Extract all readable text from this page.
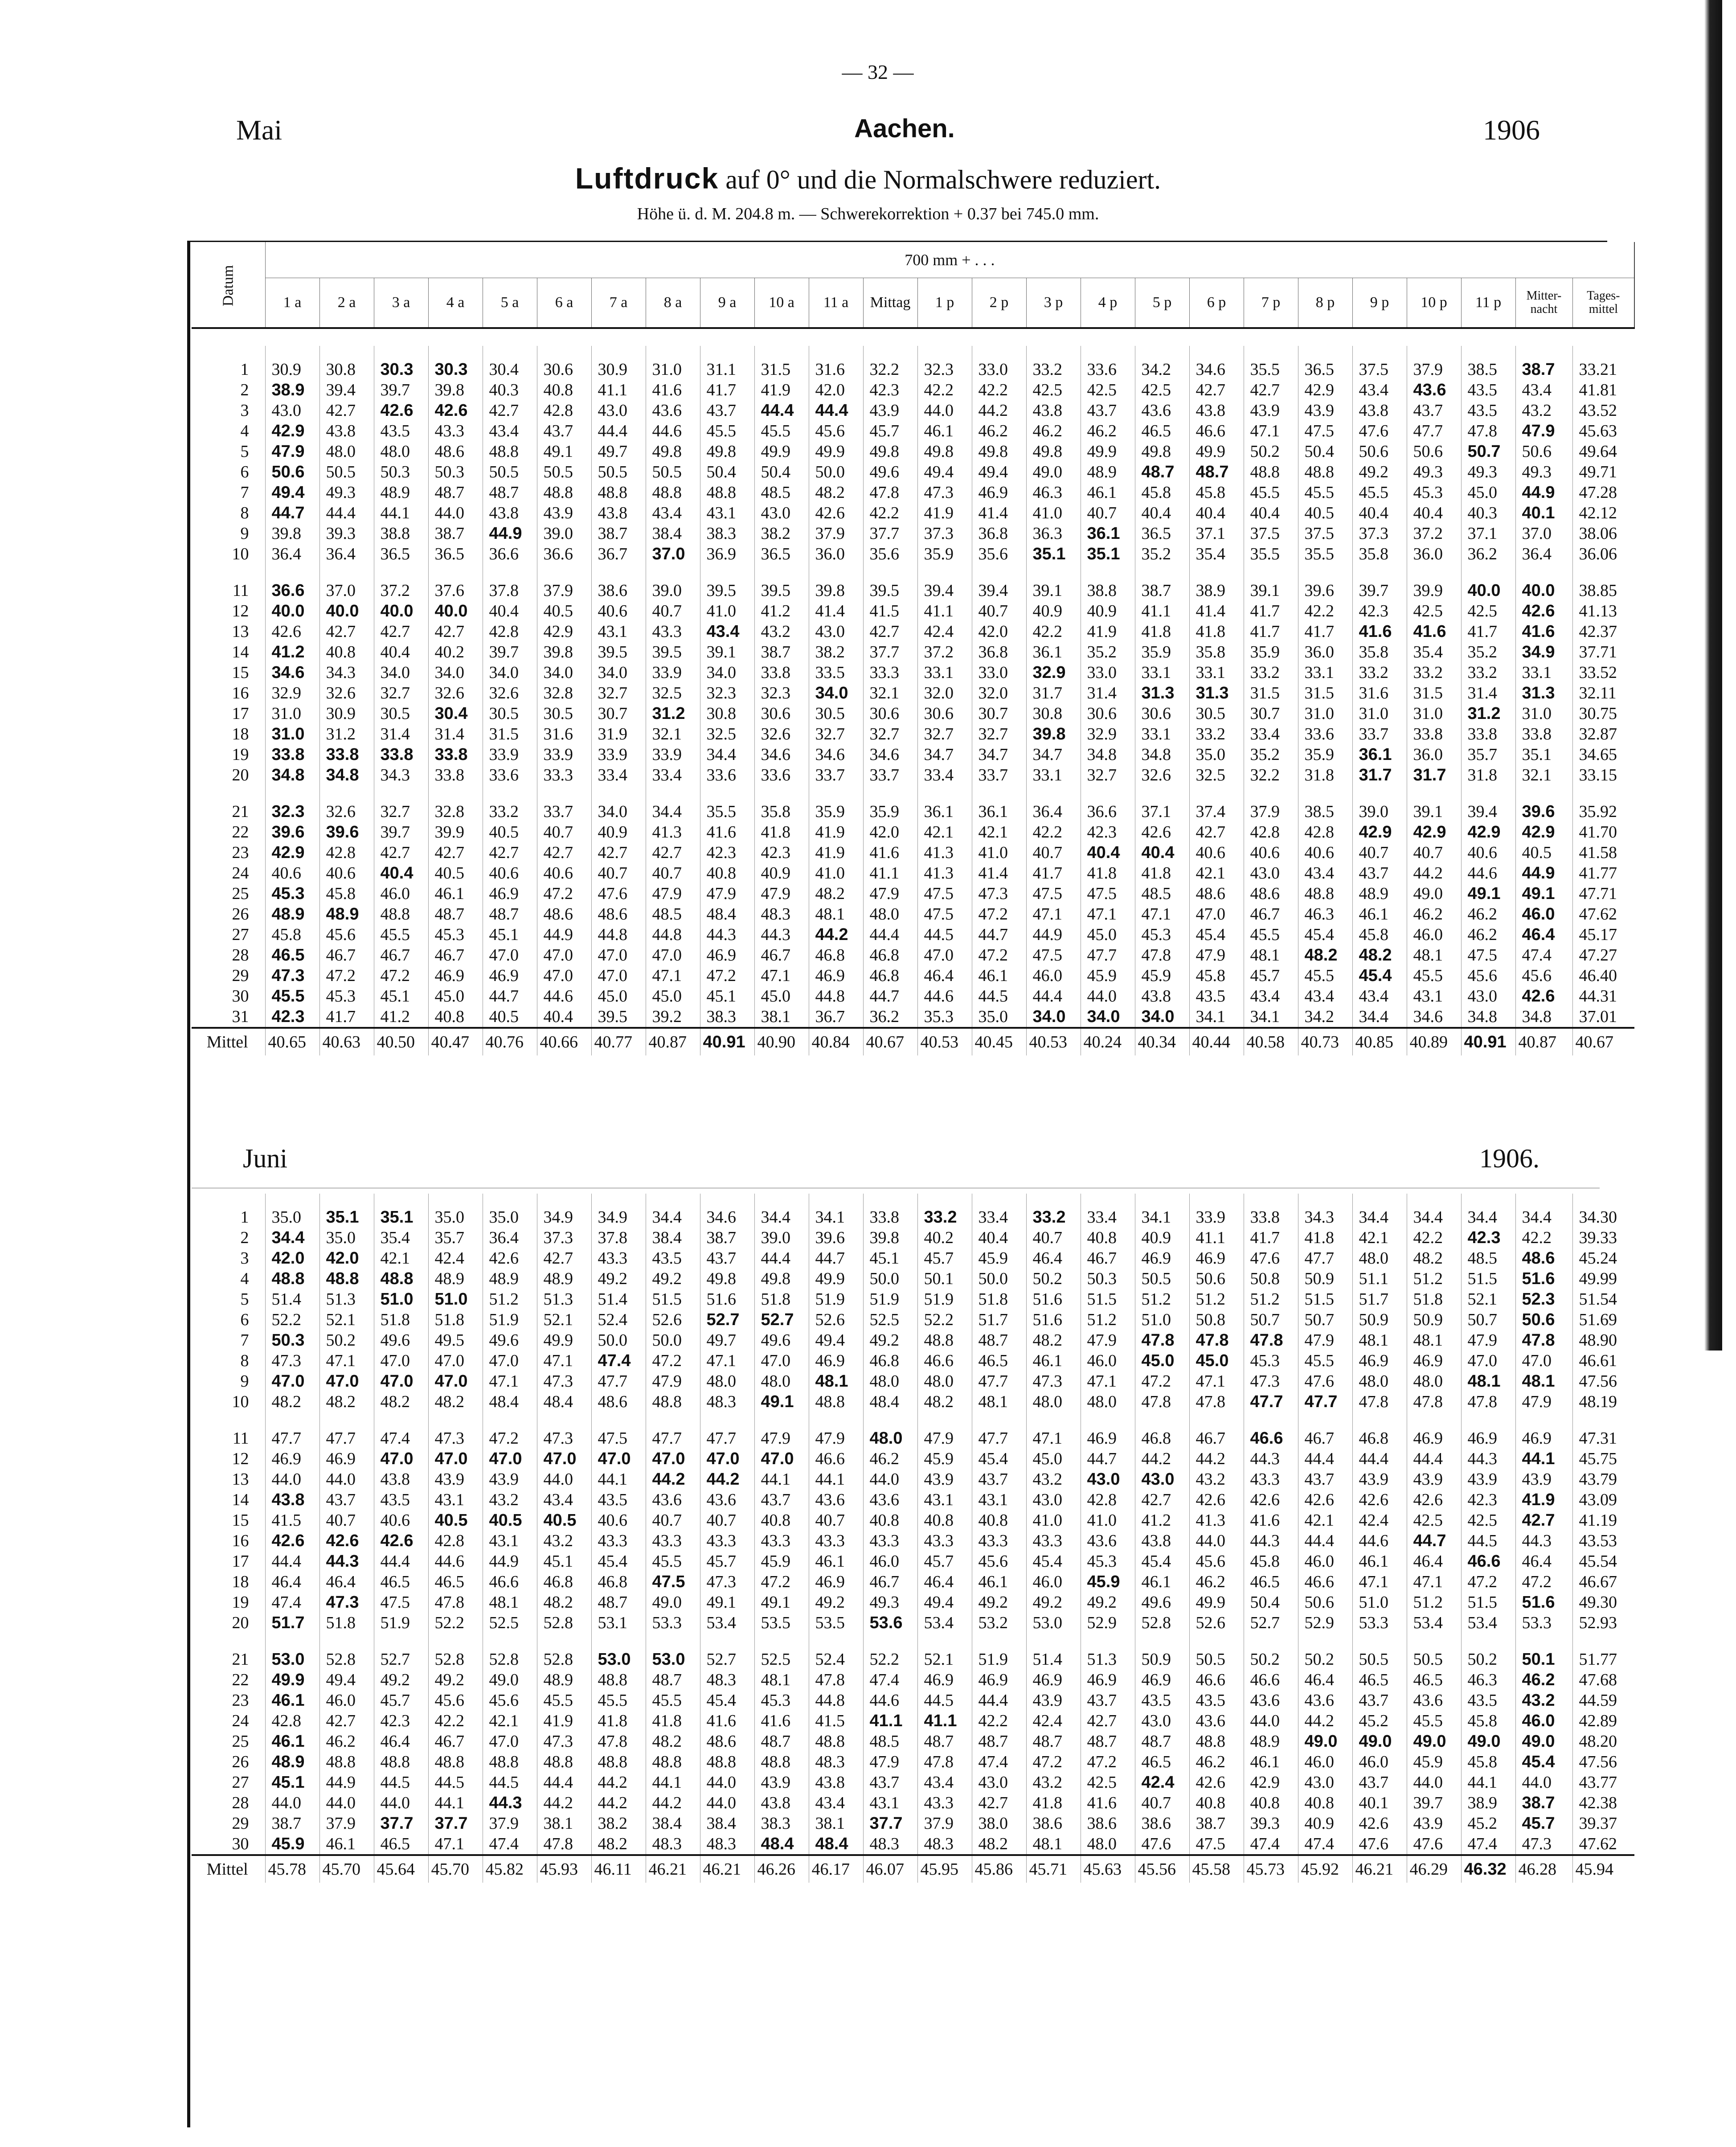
— 32 —
Mai	Aachen.	1906
Luftdruck auf 0° und die Normalschwere reduziert.
Höhe ü. d. M. 204.8 m. — Schwerekorrektion + 0.37 bei 745.0 mm.
Datum	700 mm + . . .																								
	1 a	2 a	3 a	4 a	5 a	6 a	7 a	8 a	9 a	10 a	11 a	Mittag	1 p	2 p	3 p	4 p	5 p	6 p	7 p	8 p	9 p	10 p	11 p	Mitter-nacht	Tages-mittel
1	30.9	30.8	30.3	30.3	30.4	30.6	30.9	31.0	31.1	31.5	31.6	32.2	32.3	33.0	33.2	33.6	34.2	34.6	35.5	36.5	37.5	37.9	38.5	38.7	33.21
2	38.9	39.4	39.7	39.8	40.3	40.8	41.1	41.6	41.7	41.9	42.0	42.3	42.2	42.2	42.5	42.5	42.5	42.7	42.7	42.9	43.4	43.6	43.5	43.4	41.81
3	43.0	42.7	42.6	42.6	42.7	42.8	43.0	43.6	43.7	44.4	44.4	43.9	44.0	44.2	43.8	43.7	43.6	43.8	43.9	43.9	43.8	43.7	43.5	43.2	43.52
4	42.9	43.8	43.5	43.3	43.4	43.7	44.4	44.6	45.5	45.5	45.6	45.7	46.1	46.2	46.2	46.2	46.5	46.6	47.1	47.5	47.6	47.7	47.8	47.9	45.63
5	47.9	48.0	48.0	48.6	48.8	49.1	49.7	49.8	49.8	49.9	49.9	49.8	49.8	49.8	49.8	49.9	49.8	49.9	50.2	50.4	50.6	50.6	50.7	50.6	49.64
6	50.6	50.5	50.3	50.3	50.5	50.5	50.5	50.5	50.4	50.4	50.0	49.6	49.4	49.4	49.0	48.9	48.7	48.7	48.8	48.8	49.2	49.3	49.3	49.3	49.71
7	49.4	49.3	48.9	48.7	48.7	48.8	48.8	48.8	48.8	48.5	48.2	47.8	47.3	46.9	46.3	46.1	45.8	45.8	45.5	45.5	45.5	45.3	45.0	44.9	47.28
8	44.7	44.4	44.1	44.0	43.8	43.9	43.8	43.4	43.1	43.0	42.6	42.2	41.9	41.4	41.0	40.7	40.4	40.4	40.4	40.5	40.4	40.4	40.3	40.1	42.12
9	39.8	39.3	38.8	38.7	44.9	39.0	38.7	38.4	38.3	38.2	37.9	37.7	37.3	36.8	36.3	36.1	36.5	37.1	37.5	37.5	37.3	37.2	37.1	37.0	38.06
10	36.4	36.4	36.5	36.5	36.6	36.6	36.7	37.0	36.9	36.5	36.0	35.6	35.9	35.6	35.1	35.1	35.2	35.4	35.5	35.5	35.8	36.0	36.2	36.4	36.06

11	36.6	37.0	37.2	37.6	37.8	37.9	38.6	39.0	39.5	39.5	39.8	39.5	39.4	39.4	39.1	38.8	38.7	38.9	39.1	39.6	39.7	39.9	40.0	40.0	38.85
12	40.0	40.0	40.0	40.0	40.4	40.5	40.6	40.7	41.0	41.2	41.4	41.5	41.1	40.7	40.9	40.9	41.1	41.4	41.7	42.2	42.3	42.5	42.5	42.6	41.13
13	42.6	42.7	42.7	42.7	42.8	42.9	43.1	43.3	43.4	43.2	43.0	42.7	42.4	42.0	42.2	41.9	41.8	41.8	41.7	41.7	41.6	41.6	41.7	41.6	42.37
14	41.2	40.8	40.4	40.2	39.7	39.8	39.5	39.5	39.1	38.7	38.2	37.7	37.2	36.8	36.1	35.2	35.9	35.8	35.9	36.0	35.8	35.4	35.2	34.9	37.71
15	34.6	34.3	34.0	34.0	34.0	34.0	34.0	33.9	34.0	33.8	33.5	33.3	33.1	33.0	32.9	33.0	33.1	33.1	33.2	33.1	33.2	33.2	33.2	33.1	33.52
16	32.9	32.6	32.7	32.6	32.6	32.8	32.7	32.5	32.3	32.3	34.0	32.1	32.0	32.0	31.7	31.4	31.3	31.3	31.5	31.5	31.6	31.5	31.4	31.3	32.11
17	31.0	30.9	30.5	30.4	30.5	30.5	30.7	31.2	30.8	30.6	30.5	30.6	30.6	30.7	30.8	30.6	30.6	30.5	30.7	31.0	31.0	31.0	31.2	31.0	30.75
18	31.0	31.2	31.4	31.4	31.5	31.6	31.9	32.1	32.5	32.6	32.7	32.7	32.7	32.7	39.8	32.9	33.1	33.2	33.4	33.6	33.7	33.8	33.8	33.8	32.87
19	33.8	33.8	33.8	33.8	33.9	33.9	33.9	33.9	34.4	34.6	34.6	34.6	34.7	34.7	34.7	34.8	34.8	35.0	35.2	35.9	36.1	36.0	35.7	35.1	34.65
20	34.8	34.8	34.3	33.8	33.6	33.3	33.4	33.4	33.6	33.6	33.7	33.7	33.4	33.7	33.1	32.7	32.6	32.5	32.2	31.8	31.7	31.7	31.8	32.1	33.15

21	32.3	32.6	32.7	32.8	33.2	33.7	34.0	34.4	35.5	35.8	35.9	35.9	36.1	36.1	36.4	36.6	37.1	37.4	37.9	38.5	39.0	39.1	39.4	39.6	35.92
22	39.6	39.6	39.7	39.9	40.5	40.7	40.9	41.3	41.6	41.8	41.9	42.0	42.1	42.1	42.2	42.3	42.6	42.7	42.8	42.8	42.9	42.9	42.9	42.9	41.70
23	42.9	42.8	42.7	42.7	42.7	42.7	42.7	42.7	42.3	42.3	41.9	41.6	41.3	41.0	40.7	40.4	40.4	40.6	40.6	40.6	40.7	40.7	40.6	40.5	41.58
24	40.6	40.6	40.4	40.5	40.6	40.6	40.7	40.7	40.8	40.9	41.0	41.1	41.3	41.4	41.7	41.8	41.8	42.1	43.0	43.4	43.7	44.2	44.6	44.9	41.77
25	45.3	45.8	46.0	46.1	46.9	47.2	47.6	47.9	47.9	47.9	48.2	47.9	47.5	47.3	47.5	47.5	48.5	48.6	48.6	48.8	48.9	49.0	49.1	49.1	47.71
26	48.9	48.9	48.8	48.7	48.7	48.6	48.6	48.5	48.4	48.3	48.1	48.0	47.5	47.2	47.1	47.1	47.1	47.0	46.7	46.3	46.1	46.2	46.2	46.0	47.62
27	45.8	45.6	45.5	45.3	45.1	44.9	44.8	44.8	44.3	44.3	44.2	44.4	44.5	44.7	44.9	45.0	45.3	45.4	45.5	45.4	45.8	46.0	46.2	46.4	45.17
28	46.5	46.7	46.7	46.7	47.0	47.0	47.0	47.0	46.9	46.7	46.8	46.8	47.0	47.2	47.5	47.7	47.8	47.9	48.1	48.2	48.2	48.1	47.5	47.4	47.27
29	47.3	47.2	47.2	46.9	46.9	47.0	47.0	47.1	47.2	47.1	46.9	46.8	46.4	46.1	46.0	45.9	45.9	45.8	45.7	45.5	45.4	45.5	45.6	45.6	46.40
30	45.5	45.3	45.1	45.0	44.7	44.6	45.0	45.0	45.1	45.0	44.8	44.7	44.6	44.5	44.4	44.0	43.8	43.5	43.4	43.4	43.4	43.1	43.0	42.6	44.31
31	42.3	41.7	41.2	40.8	40.5	40.4	39.5	39.2	38.3	38.1	36.7	36.2	35.3	35.0	34.0	34.0	34.0	34.1	34.1	34.2	34.4	34.6	34.8	34.8	37.01
Mittel	40.65	40.63	40.50	40.47	40.76	40.66	40.77	40.87	40.91	40.90	40.84	40.67	40.53	40.45	40.53	40.24	40.34	40.44	40.58	40.73	40.85	40.89	40.91	40.87	40.67
Juni	1906.
1	35.0	35.1	35.1	35.0	35.0	34.9	34.9	34.4	34.6	34.4	34.1	33.8	33.2	33.4	33.2	33.4	34.1	33.9	33.8	34.3	34.4	34.4	34.4	34.4	34.30
2	34.4	35.0	35.4	35.7	36.4	37.3	37.8	38.4	38.7	39.0	39.6	39.8	40.2	40.4	40.7	40.8	40.9	41.1	41.7	41.8	42.1	42.2	42.3	42.2	39.33
3	42.0	42.0	42.1	42.4	42.6	42.7	43.3	43.5	43.7	44.4	44.7	45.1	45.7	45.9	46.4	46.7	46.9	46.9	47.6	47.7	48.0	48.2	48.5	48.6	45.24
4	48.8	48.8	48.8	48.9	48.9	48.9	49.2	49.2	49.8	49.8	49.9	50.0	50.1	50.0	50.2	50.3	50.5	50.6	50.8	50.9	51.1	51.2	51.5	51.6	49.99
5	51.4	51.3	51.0	51.0	51.2	51.3	51.4	51.5	51.6	51.8	51.9	51.9	51.9	51.8	51.6	51.5	51.2	51.2	51.2	51.5	51.7	51.8	52.1	52.3	51.54
6	52.2	52.1	51.8	51.8	51.9	52.1	52.4	52.6	52.7	52.7	52.6	52.5	52.2	51.7	51.6	51.2	51.0	50.8	50.7	50.7	50.9	50.9	50.7	50.6	51.69
7	50.3	50.2	49.6	49.5	49.6	49.9	50.0	50.0	49.7	49.6	49.4	49.2	48.8	48.7	48.2	47.9	47.8	47.8	47.8	47.9	48.1	48.1	47.9	47.8	48.90
8	47.3	47.1	47.0	47.0	47.0	47.1	47.4	47.2	47.1	47.0	46.9	46.8	46.6	46.5	46.1	46.0	45.0	45.0	45.3	45.5	46.9	46.9	47.0	47.0	46.61
9	47.0	47.0	47.0	47.0	47.1	47.3	47.7	47.9	48.0	48.0	48.1	48.0	48.0	47.7	47.3	47.1	47.2	47.1	47.3	47.6	48.0	48.0	48.1	48.1	47.56
10	48.2	48.2	48.2	48.2	48.4	48.4	48.6	48.8	48.3	49.1	48.8	48.4	48.2	48.1	48.0	48.0	47.8	47.8	47.7	47.7	47.8	47.8	47.8	47.9	48.19

11	47.7	47.7	47.4	47.3	47.2	47.3	47.5	47.7	47.7	47.9	47.9	48.0	47.9	47.7	47.1	46.9	46.8	46.7	46.6	46.7	46.8	46.9	46.9	46.9	47.31
12	46.9	46.9	47.0	47.0	47.0	47.0	47.0	47.0	47.0	47.0	46.6	46.2	45.9	45.4	45.0	44.7	44.2	44.2	44.3	44.4	44.4	44.4	44.3	44.1	45.75
13	44.0	44.0	43.8	43.9	43.9	44.0	44.1	44.2	44.2	44.1	44.1	44.0	43.9	43.7	43.2	43.0	43.0	43.2	43.3	43.7	43.9	43.9	43.9	43.9	43.79
14	43.8	43.7	43.5	43.1	43.2	43.4	43.5	43.6	43.6	43.7	43.6	43.6	43.1	43.1	43.0	42.8	42.7	42.6	42.6	42.6	42.6	42.6	42.3	41.9	43.09
15	41.5	40.7	40.6	40.5	40.5	40.5	40.6	40.7	40.7	40.8	40.7	40.8	40.8	40.8	41.0	41.0	41.2	41.3	41.6	42.1	42.4	42.5	42.5	42.7	41.19
16	42.6	42.6	42.6	42.8	43.1	43.2	43.3	43.3	43.3	43.3	43.3	43.3	43.3	43.3	43.3	43.6	43.8	44.0	44.3	44.4	44.6	44.7	44.5	44.3	43.53
17	44.4	44.3	44.4	44.6	44.9	45.1	45.4	45.5	45.7	45.9	46.1	46.0	45.7	45.6	45.4	45.3	45.4	45.6	45.8	46.0	46.1	46.4	46.6	46.4	45.54
18	46.4	46.4	46.5	46.5	46.6	46.8	46.8	47.5	47.3	47.2	46.9	46.7	46.4	46.1	46.0	45.9	46.1	46.2	46.5	46.6	47.1	47.1	47.2	47.2	46.67
19	47.4	47.3	47.5	47.8	48.1	48.2	48.7	49.0	49.1	49.1	49.2	49.3	49.4	49.2	49.2	49.2	49.6	49.9	50.4	50.6	51.0	51.2	51.5	51.6	49.30
20	51.7	51.8	51.9	52.2	52.5	52.8	53.1	53.3	53.4	53.5	53.5	53.6	53.4	53.2	53.0	52.9	52.8	52.6	52.7	52.9	53.3	53.4	53.4	53.3	52.93

21	53.0	52.8	52.7	52.8	52.8	52.8	53.0	53.0	52.7	52.5	52.4	52.2	52.1	51.9	51.4	51.3	50.9	50.5	50.2	50.2	50.5	50.5	50.2	50.1	51.77
22	49.9	49.4	49.2	49.2	49.0	48.9	48.8	48.7	48.3	48.1	47.8	47.4	46.9	46.9	46.9	46.9	46.9	46.6	46.6	46.4	46.5	46.5	46.3	46.2	47.68
23	46.1	46.0	45.7	45.6	45.6	45.5	45.5	45.5	45.4	45.3	44.8	44.6	44.5	44.4	43.9	43.7	43.5	43.5	43.6	43.6	43.7	43.6	43.5	43.2	44.59
24	42.8	42.7	42.3	42.2	42.1	41.9	41.8	41.8	41.6	41.6	41.5	41.1	41.1	42.2	42.4	42.7	43.0	43.6	44.0	44.2	45.2	45.5	45.8	46.0	42.89
25	46.1	46.2	46.4	46.7	47.0	47.3	47.8	48.2	48.6	48.7	48.8	48.5	48.7	48.7	48.7	48.7	48.7	48.8	48.9	49.0	49.0	49.0	49.0	49.0	48.20
26	48.9	48.8	48.8	48.8	48.8	48.8	48.8	48.8	48.8	48.8	48.3	47.9	47.8	47.4	47.2	47.2	46.5	46.2	46.1	46.0	46.0	45.9	45.8	45.4	47.56
27	45.1	44.9	44.5	44.5	44.5	44.4	44.2	44.1	44.0	43.9	43.8	43.7	43.4	43.0	43.2	42.5	42.4	42.6	42.9	43.0	43.7	44.0	44.1	44.0	43.77
28	44.0	44.0	44.0	44.1	44.3	44.2	44.2	44.2	44.0	43.8	43.4	43.1	43.3	42.7	41.8	41.6	40.7	40.8	40.8	40.8	40.1	39.7	38.9	38.7	42.38
29	38.7	37.9	37.7	37.7	37.9	38.1	38.2	38.4	38.4	38.3	38.1	37.7	37.9	38.0	38.6	38.6	38.6	38.7	39.3	40.9	42.6	43.9	45.2	45.7	39.37
30	45.9	46.1	46.5	47.1	47.4	47.8	48.2	48.3	48.3	48.4	48.4	48.3	48.3	48.2	48.1	48.0	47.6	47.5	47.4	47.4	47.6	47.6	47.4	47.3	47.62
Mittel	45.78	45.70	45.64	45.70	45.82	45.93	46.11	46.21	46.21	46.26	46.17	46.07	45.95	45.86	45.71	45.63	45.56	45.58	45.73	45.92	46.21	46.29	46.32	46.28	45.94
